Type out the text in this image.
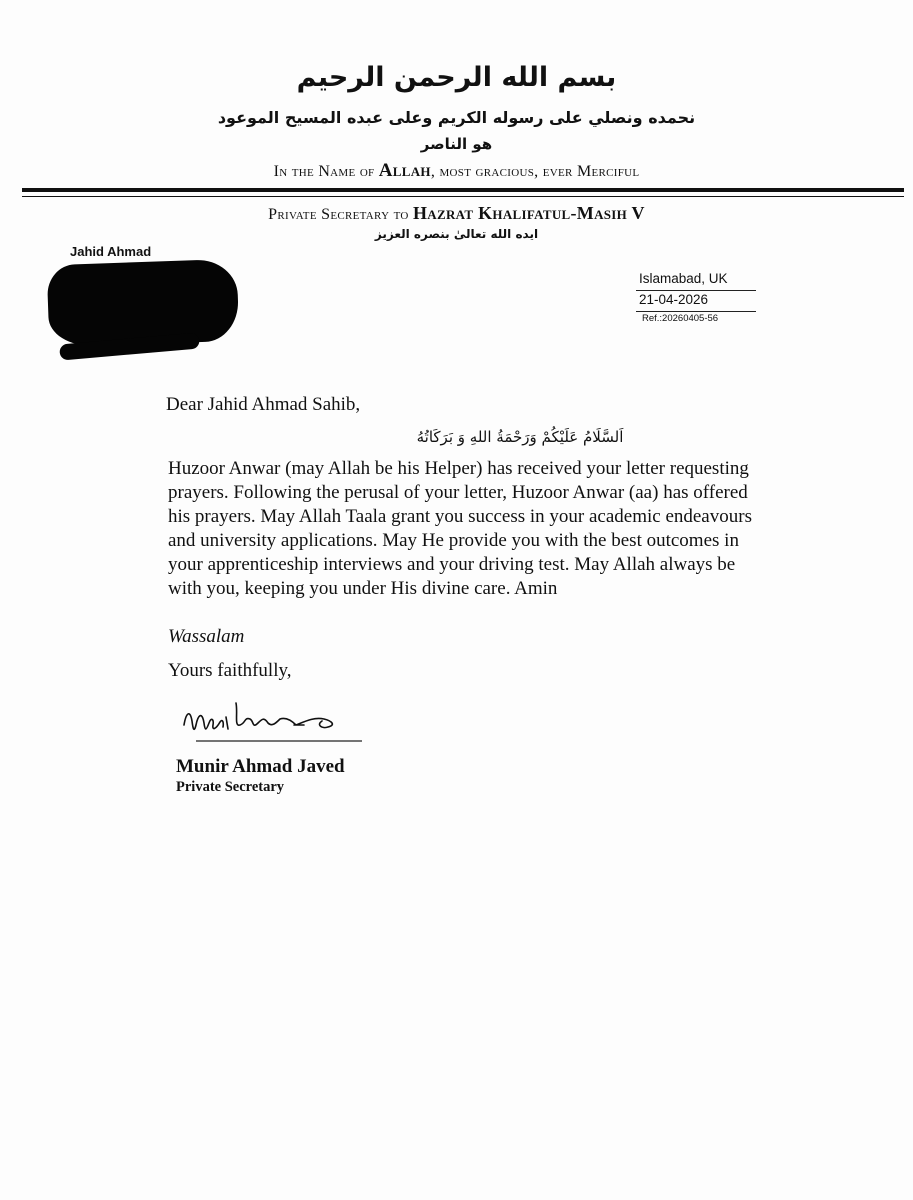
بسم الله الرحمن الرحيم
نحمده ونصلي على رسوله الكريم وعلى عبده المسيح الموعود
هو الناصر
In the Name of Allah, most gracious, ever Merciful
Private Secretary to Hazrat Khalifatul-Masih V
ايده الله تعالىٰ بنصره العزيز
Jahid Ahmad
Islamabad, UK
21-04-2026
Ref.:20260405-56
Dear Jahid Ahmad Sahib,
اَلسَّلَامُ عَلَيْكُمْ وَرَحْمَةُ اللهِ وَ بَرَكَاتُهُ

Huzoor Anwar (may Allah be his Helper) has received your letter requesting prayers. Following the perusal of your letter, Huzoor Anwar (aa) has offered his prayers. May Allah Taala grant you success in your academic endeavours and university applications. May He provide you with the best outcomes in your apprenticeship interviews and your driving test. May Allah always be with you, keeping you under His divine care. Amin

Wassalam
Yours faithfully,
Munir Ahmad Javed
Private Secretary
